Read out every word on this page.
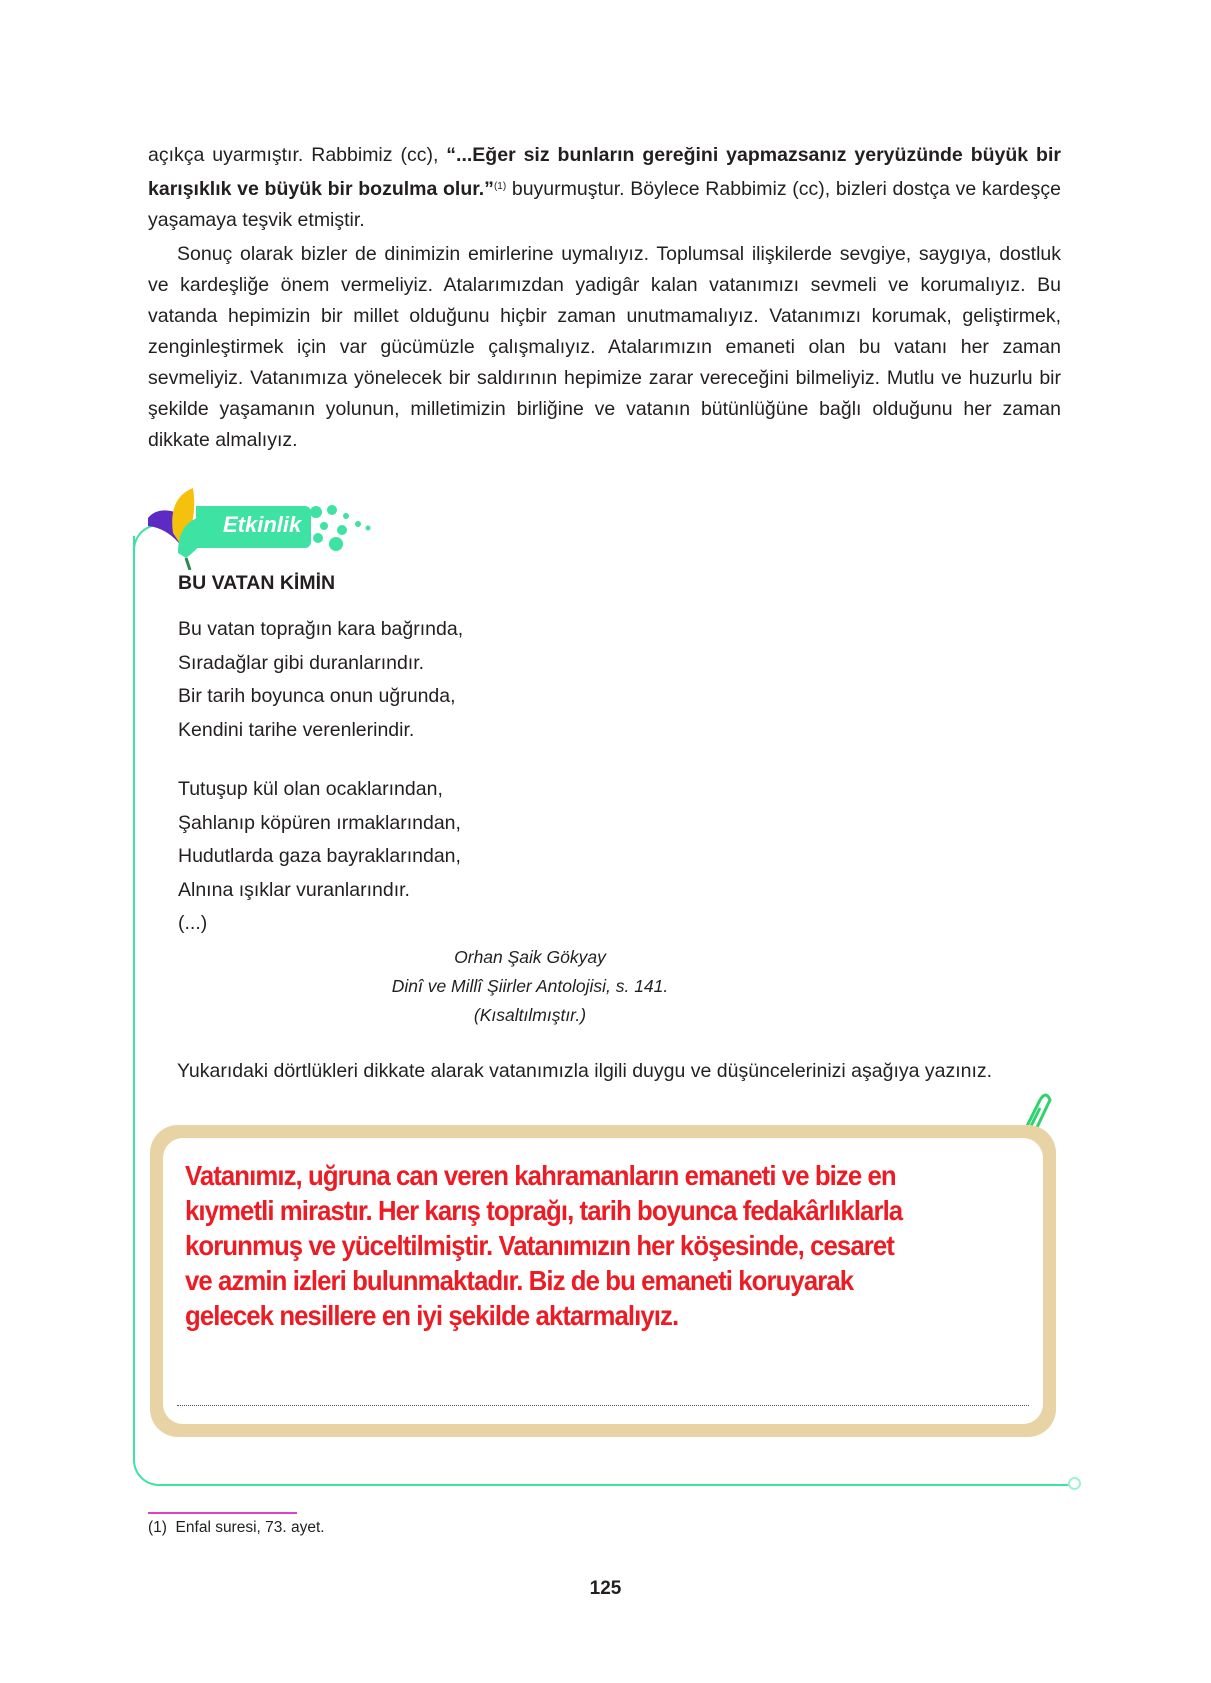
açıkça uyarmıştır. Rabbimiz (cc), “...Eğer siz bunların gereğini yapmazsanız yeryüzünde büyük bir karışıklık ve büyük bir bozulma olur.”$^{(1)}$ buyurmuştur. Böylece Rabbimiz (cc), bizleri dostça ve kardeşçe yaşamaya teşvik etmiştir.

Sonuç olarak bizler de dinimizin emirlerine uymalıyız. Toplumsal ilişkilerde sevgiye, saygıya, dostluk ve kardeşliğe önem vermeliyiz. Atalarımızdan yadigâr kalan vatanımızı sevmeli ve korumalıyız. Bu vatanda hepimizin bir millet olduğunu hiçbir zaman unutmamalıyız. Vatanımızı korumak, geliştirmek, zenginleştirmek için var gücümüzle çalışmalıyız. Atalarımızın emaneti olan bu vatanı her zaman sevmeliyiz. Vatanımıza yönelecek bir saldırının hepimize zarar vereceğini bilmeliyiz. Mutlu ve huzurlu bir şekilde yaşamanın yolunun, milletimizin birliğine ve vatanın bütünlüğüne bağlı olduğunu her zaman dikkate almalıyız.

Etkinlik
BU VATAN KİMİN
Bu vatan toprağın kara bağrında,
Sıradağlar gibi duranlarındır.
Bir tarih boyunca onun uğrunda,
Kendini tarihe verenlerindir.
Tutuşup kül olan ocaklarından,
Şahlanıp köpüren ırmaklarından,
Hudutlarda gaza bayraklarından,
Alnına ışıklar vuranlarındır.
(...)
Orhan Şaik Gökyay
Dinî ve Millî Şiirler Antolojisi, s. 141.
(Kısaltılmıştır.)
Yukarıdaki dörtlükleri dikkate alarak vatanımızla ilgili duygu ve düşüncelerinizi aşağıya yazınız.
Vatanımız, uğruna can veren kahramanların emaneti ve bize en
kıymetli mirastır. Her karış toprağı, tarih boyunca fedakârlıklarla
korunmuş ve yüceltilmiştir. Vatanımızın her köşesinde, cesaret
ve azmin izleri bulunmaktadır. Biz de bu emaneti koruyarak
gelecek nesillere en iyi şekilde aktarmalıyız.
(1)  Enfal suresi, 73. ayet.
125
